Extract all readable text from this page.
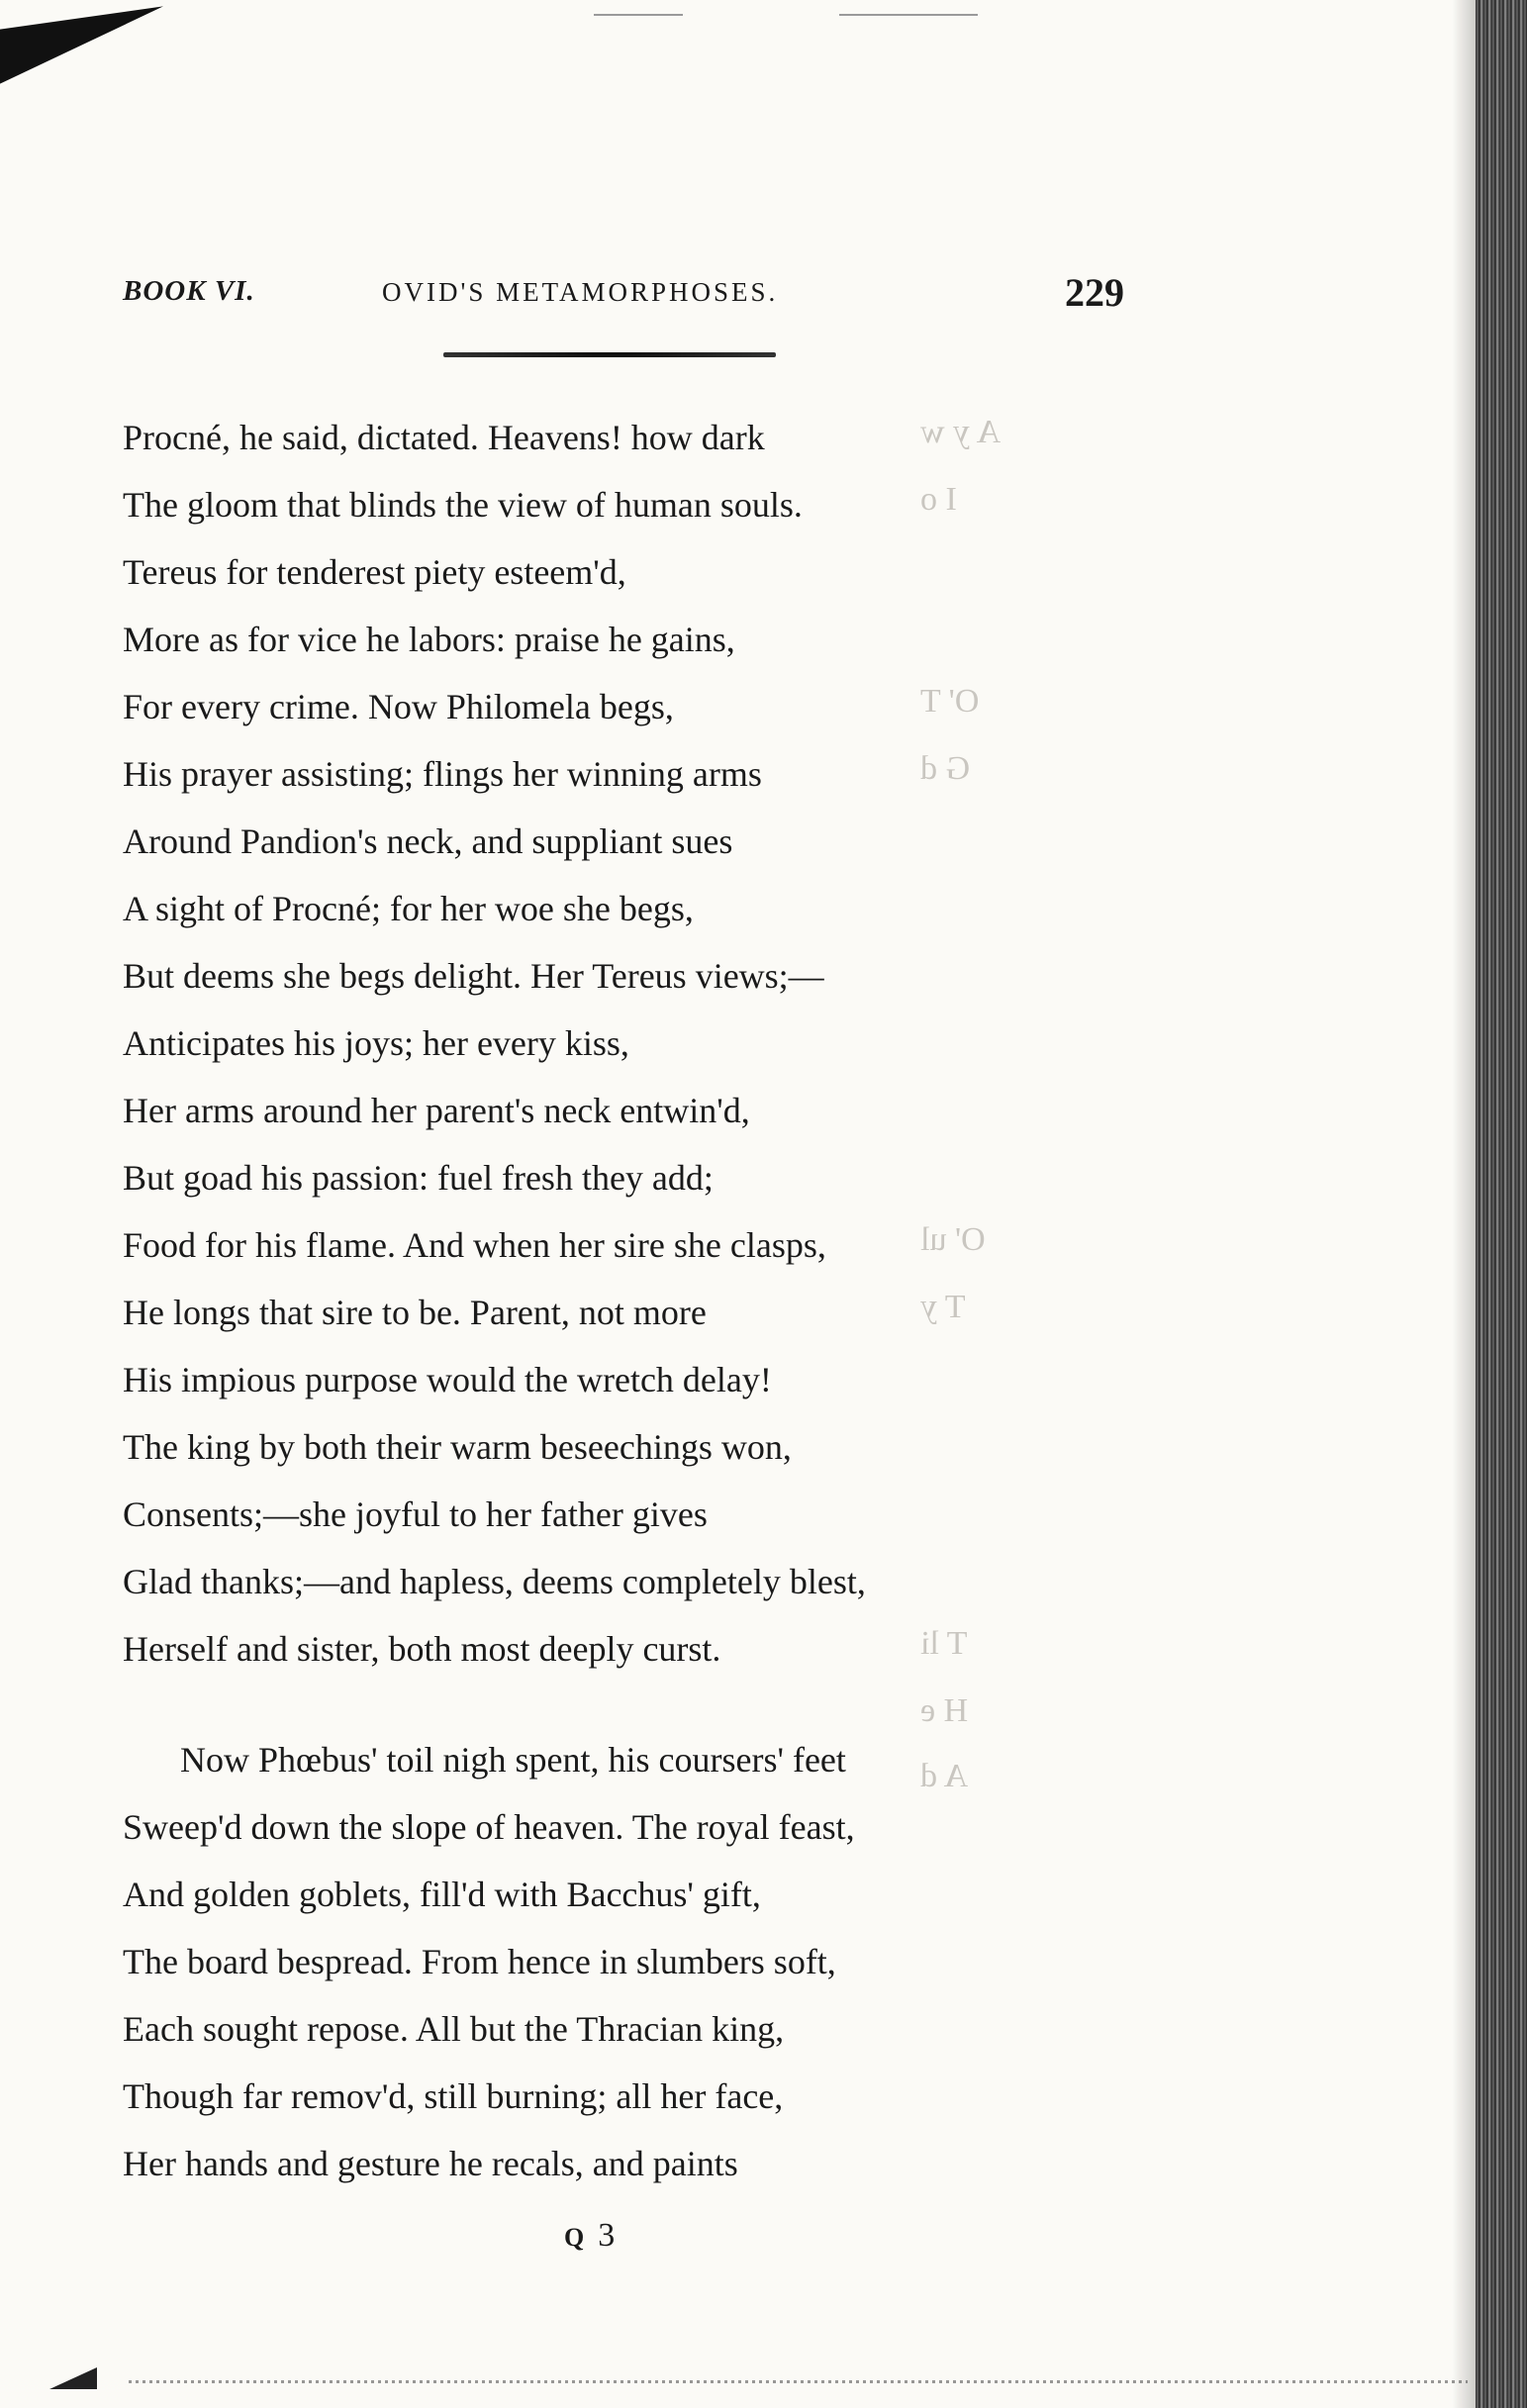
BOOK VI.	OVID'S METAMORPHOSES.	229
A y w
I o
O' T
G d
O' ul
T y
T li
H e
A d
Procné, he said, dictated. Heavens! how dark
The gloom that blinds the view of human souls.
Tereus for tenderest piety esteem'd,
More as for vice he labors: praise he gains,
For every crime. Now Philomela begs,
His prayer assisting; flings her winning arms
Around Pandion's neck, and suppliant sues
A sight of Procné; for her woe she begs,
But deems she begs delight. Her Tereus views;—
Anticipates his joys; her every kiss,
Her arms around her parent's neck entwin'd,
But goad his passion: fuel fresh they add;
Food for his flame. And when her sire she clasps,
He longs that sire to be. Parent, not more
His impious purpose would the wretch delay!
The king by both their warm beseechings won,
Consents;—she joyful to her father gives
Glad thanks;—and hapless, deems completely blest,
Herself and sister, both most deeply curst.
Now Phœbus' toil nigh spent, his coursers' feet
Sweep'd down the slope of heaven. The royal feast,
And golden goblets, fill'd with Bacchus' gift,
The board bespread. From hence in slumbers soft,
Each sought repose. All but the Thracian king,
Though far remov'd, still burning; all her face,
Her hands and gesture he recals, and paints
Q 3
